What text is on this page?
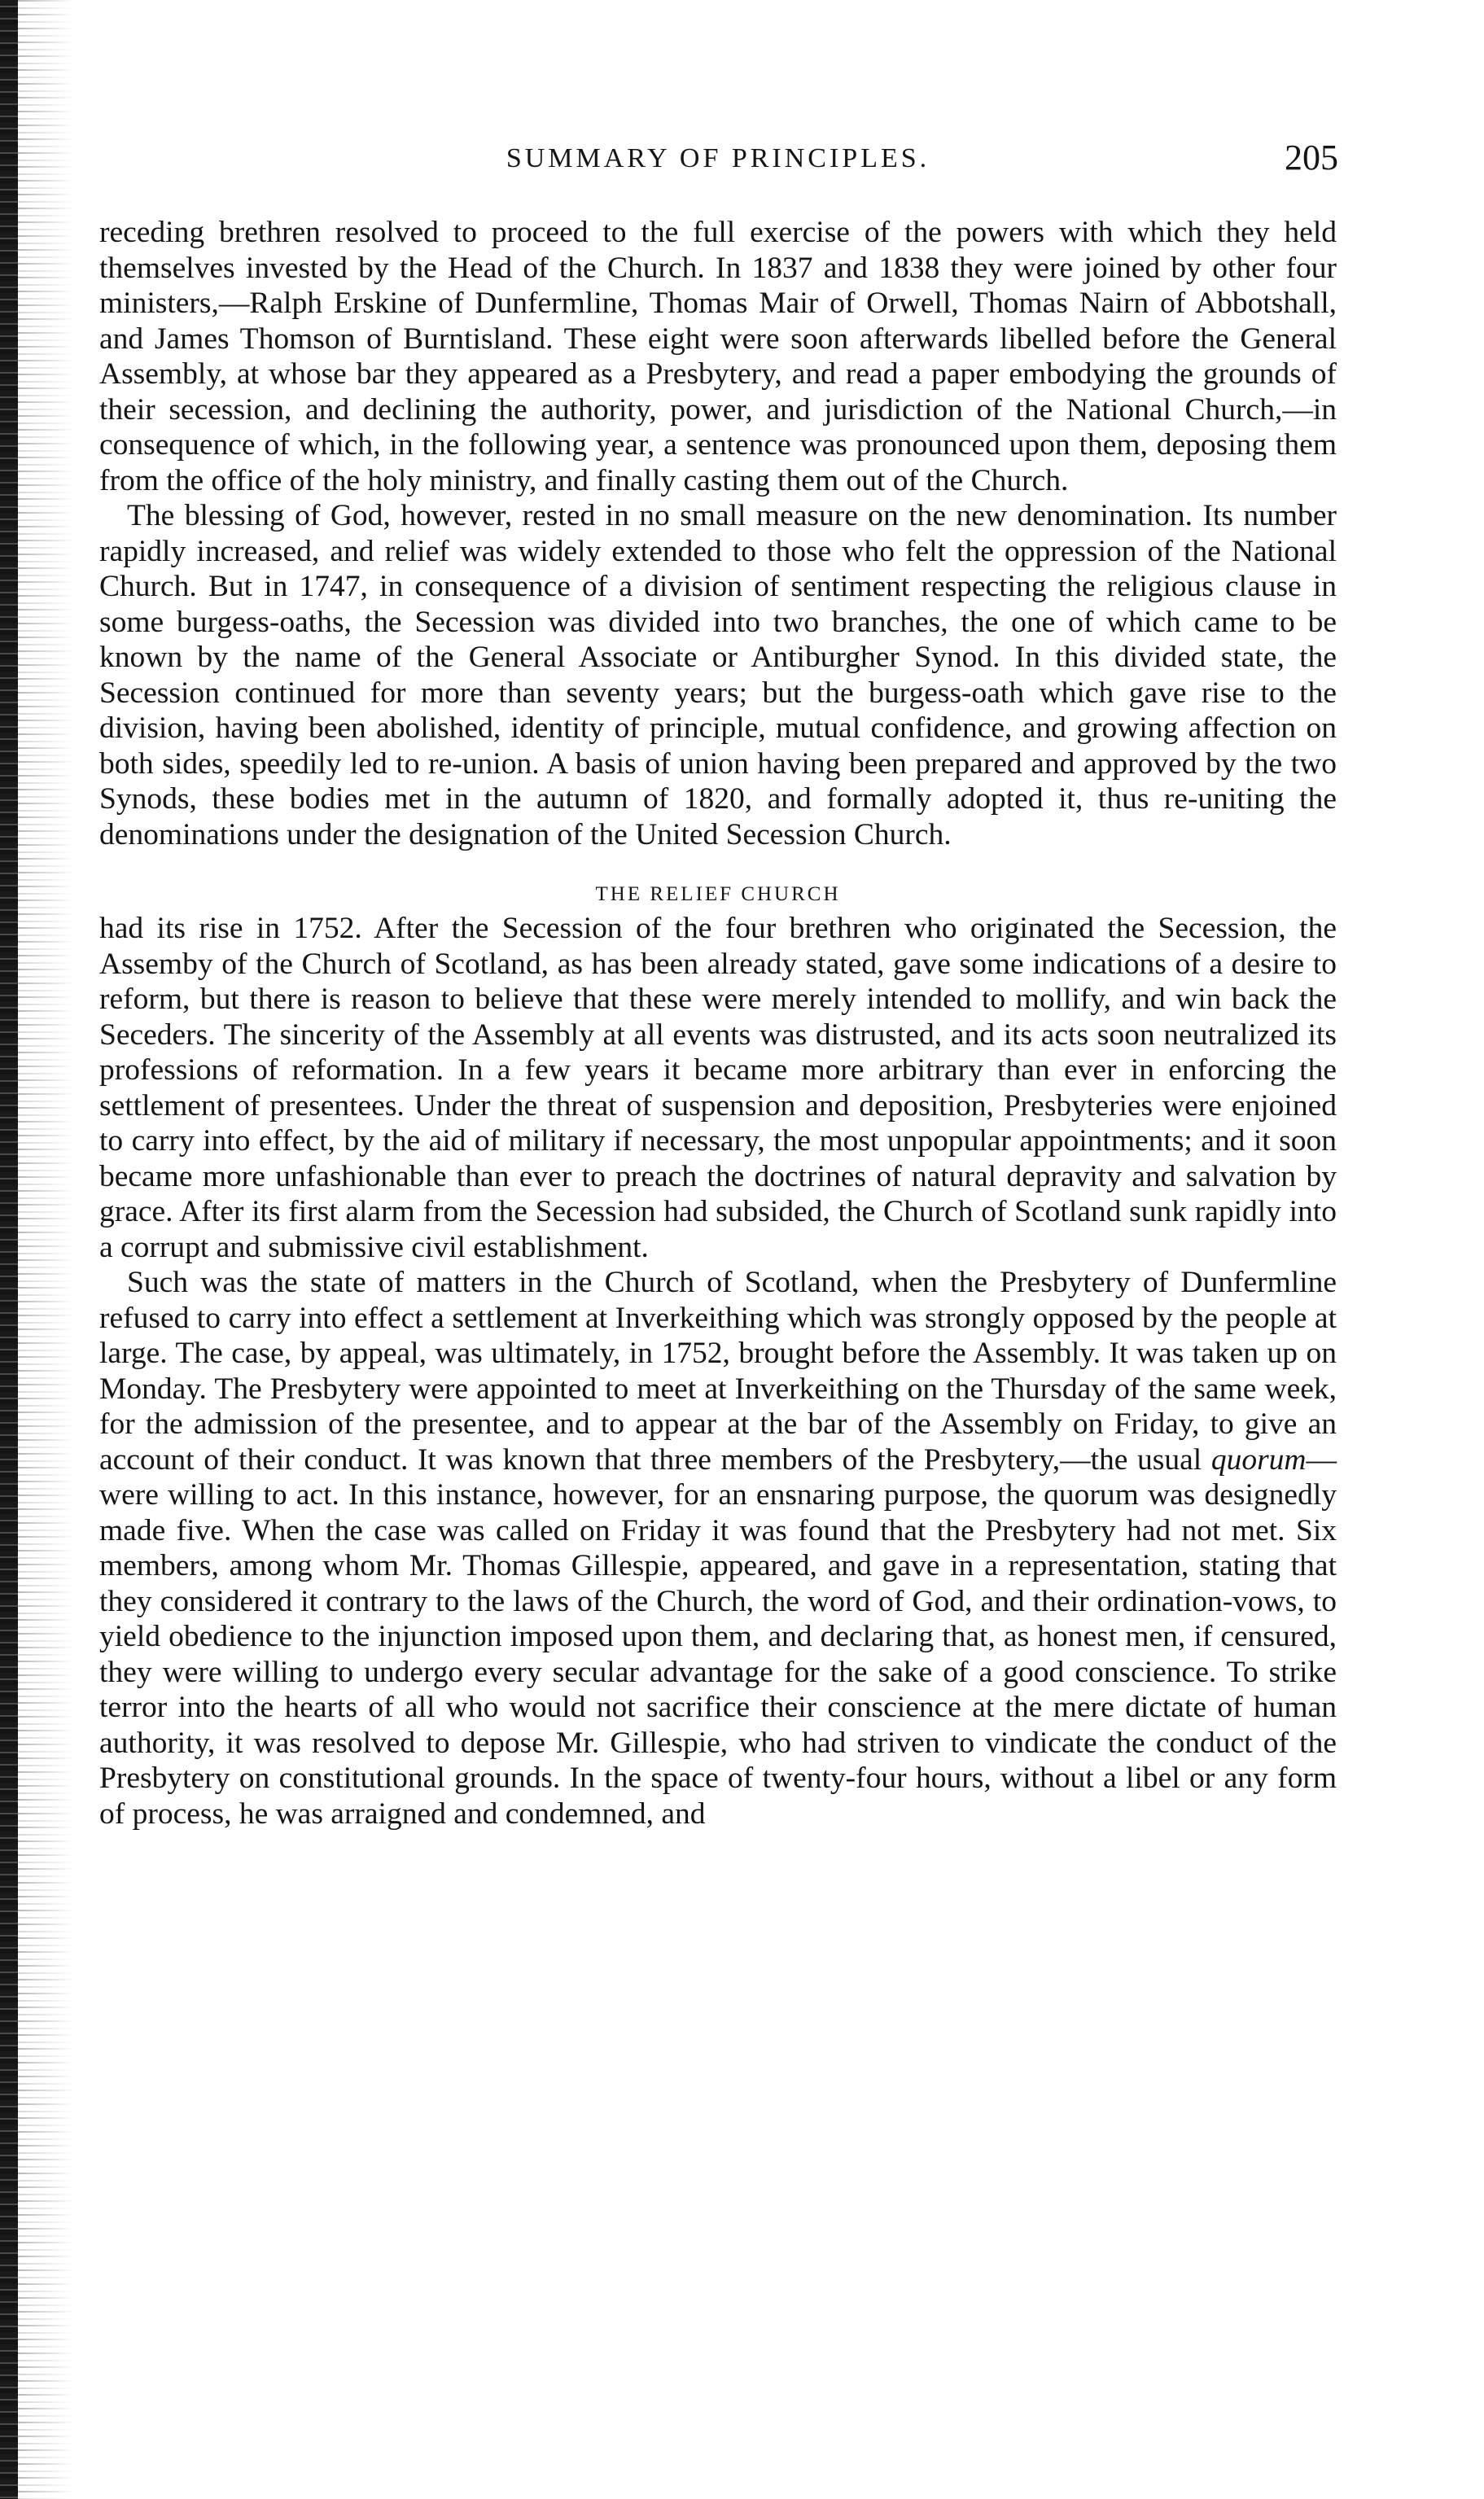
SUMMARY OF PRINCIPLES.	205

receding brethren resolved to proceed to the full exercise of the powers with which they held themselves invested by the Head of the Church. In 1837 and 1838 they were joined by other four ministers,—Ralph Erskine of Dunfermline, Thomas Mair of Orwell, Thomas Nairn of Abbotshall, and James Thomson of Burntisland. These eight were soon afterwards libelled before the General Assembly, at whose bar they appeared as a Presbytery, and read a paper embodying the grounds of their secession, and declining the authority, power, and jurisdiction of the National Church,—in consequence of which, in the following year, a sentence was pronounced upon them, deposing them from the office of the holy ministry, and finally casting them out of the Church.

The blessing of God, however, rested in no small measure on the new denomination. Its number rapidly increased, and relief was widely extended to those who felt the oppression of the National Church. But in 1747, in consequence of a division of sentiment respecting the religious clause in some burgess-oaths, the Secession was divided into two branches, the one of which came to be known by the name of the General Associate or Antiburgher Synod. In this divided state, the Secession continued for more than seventy years; but the burgess-oath which gave rise to the division, having been abolished, identity of principle, mutual confidence, and growing affection on both sides, speedily led to re-union. A basis of union having been prepared and approved by the two Synods, these bodies met in the autumn of 1820, and formally adopted it, thus re-uniting the denominations under the designation of the United Secession Church.

THE RELIEF CHURCH

had its rise in 1752. After the Secession of the four brethren who originated the Secession, the Assemby of the Church of Scotland, as has been already stated, gave some indications of a desire to reform, but there is reason to believe that these were merely intended to mollify, and win back the Seceders. The sincerity of the Assembly at all events was distrusted, and its acts soon neutralized its professions of reformation. In a few years it became more arbitrary than ever in enforcing the settlement of presentees. Under the threat of suspension and deposition, Presbyteries were enjoined to carry into effect, by the aid of military if necessary, the most unpopular appointments; and it soon became more unfashionable than ever to preach the doctrines of natural depravity and salvation by grace. After its first alarm from the Secession had subsided, the Church of Scotland sunk rapidly into a corrupt and submissive civil establishment.

Such was the state of matters in the Church of Scotland, when the Presbytery of Dunfermline refused to carry into effect a settlement at Inverkeithing which was strongly opposed by the people at large. The case, by appeal, was ultimately, in 1752, brought before the Assembly. It was taken up on Monday. The Presbytery were appointed to meet at Inverkeithing on the Thursday of the same week, for the admission of the presentee, and to appear at the bar of the Assembly on Friday, to give an account of their conduct. It was known that three members of the Presbytery,—the usual quorum—were willing to act. In this instance, however, for an ensnaring purpose, the quorum was designedly made five. When the case was called on Friday it was found that the Presbytery had not met. Six members, among whom Mr. Thomas Gillespie, appeared, and gave in a representation, stating that they considered it contrary to the laws of the Church, the word of God, and their ordination-vows, to yield obedience to the injunction imposed upon them, and declaring that, as honest men, if censured, they were willing to undergo every secular advantage for the sake of a good conscience. To strike terror into the hearts of all who would not sacrifice their conscience at the mere dictate of human authority, it was resolved to depose Mr. Gillespie, who had striven to vindicate the conduct of the Presbytery on constitutional grounds. In the space of twenty-four hours, without a libel or any form of process, he was arraigned and condemned, and
